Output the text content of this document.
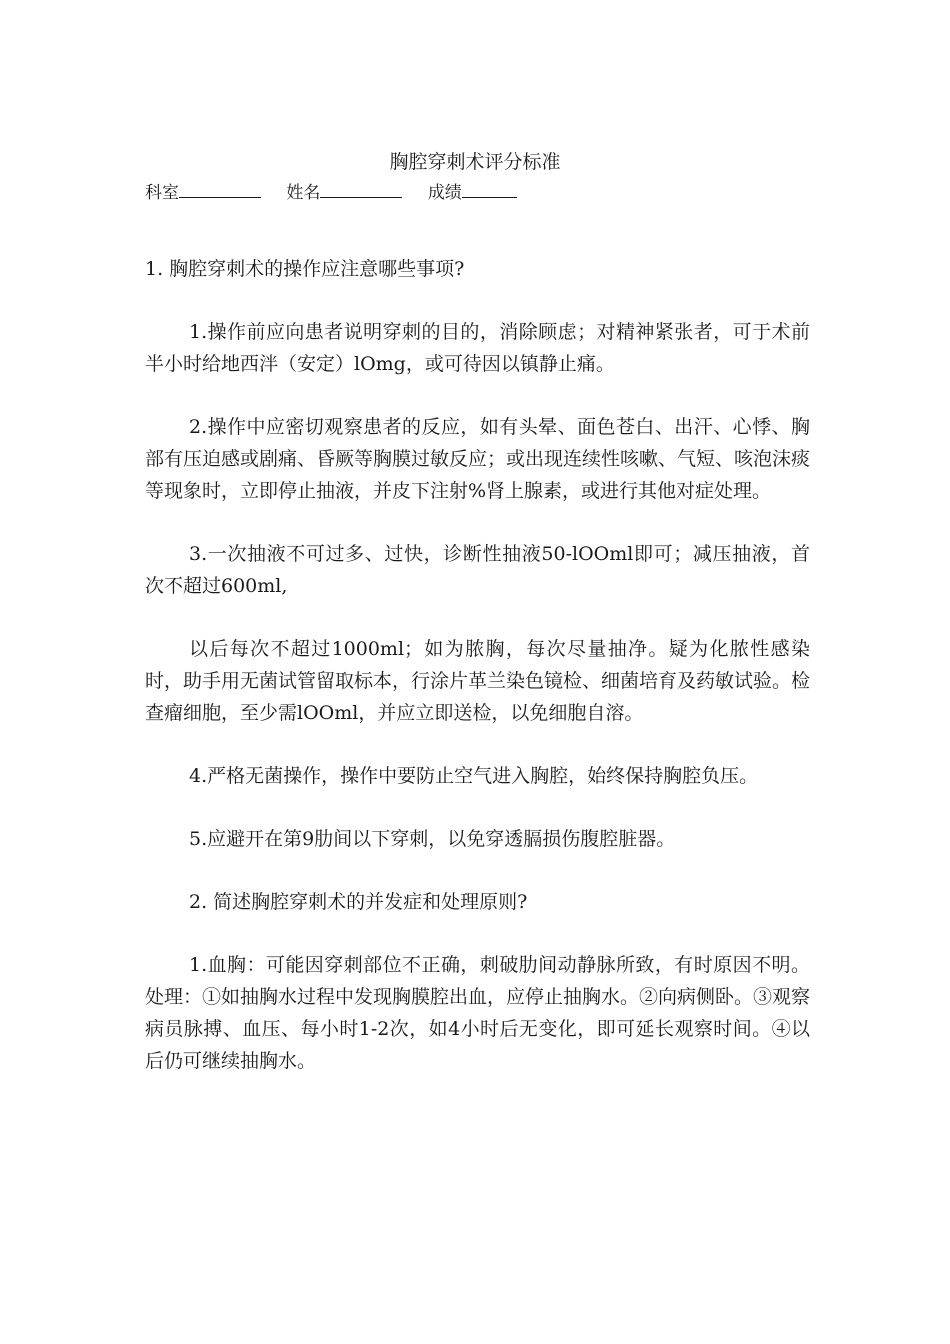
胸腔穿刺术评分标准
科室	姓名	成绩

1. 胸腔穿刺术的操作应注意哪些事项?

1.操作前应向患者说明穿刺的目的，消除顾虑；对精神紧张者，可于术前半小时给地西泮（安定）lOmg，或可待因以镇静止痛。

2.操作中应密切观察患者的反应，如有头晕、面色苍白、出汗、心悸、胸部有压迫感或剧痛、昏厥等胸膜过敏反应；或出现连续性咳嗽、气短、咳泡沫痰等现象时，立即停止抽液，并皮下注射%肾上腺素，或进行其他对症处理。

3.一次抽液不可过多、过快，诊断性抽液50-lOOml即可；减压抽液，首次不超过600ml,

以后每次不超过1000ml；如为脓胸，每次尽量抽净。疑为化脓性感染时，助手用无菌试管留取标本，行涂片革兰染色镜检、细菌培育及药敏试验。检查瘤细胞，至少需lOOml，并应立即送检，以免细胞自溶。

4.严格无菌操作，操作中要防止空气进入胸腔，始终保持胸腔负压。

5.应避开在第9肋间以下穿刺，以免穿透膈损伤腹腔脏器。

2. 简述胸腔穿刺术的并发症和处理原则?

1.血胸：可能因穿刺部位不正确，刺破肋间动静脉所致，有时原因不明。处理：①如抽胸水过程中发现胸膜腔出血，应停止抽胸水。②向病侧卧。③观察病员脉搏、血压、每小时1-2次，如4小时后无变化，即可延长观察时间。④以后仍可继续抽胸水。
